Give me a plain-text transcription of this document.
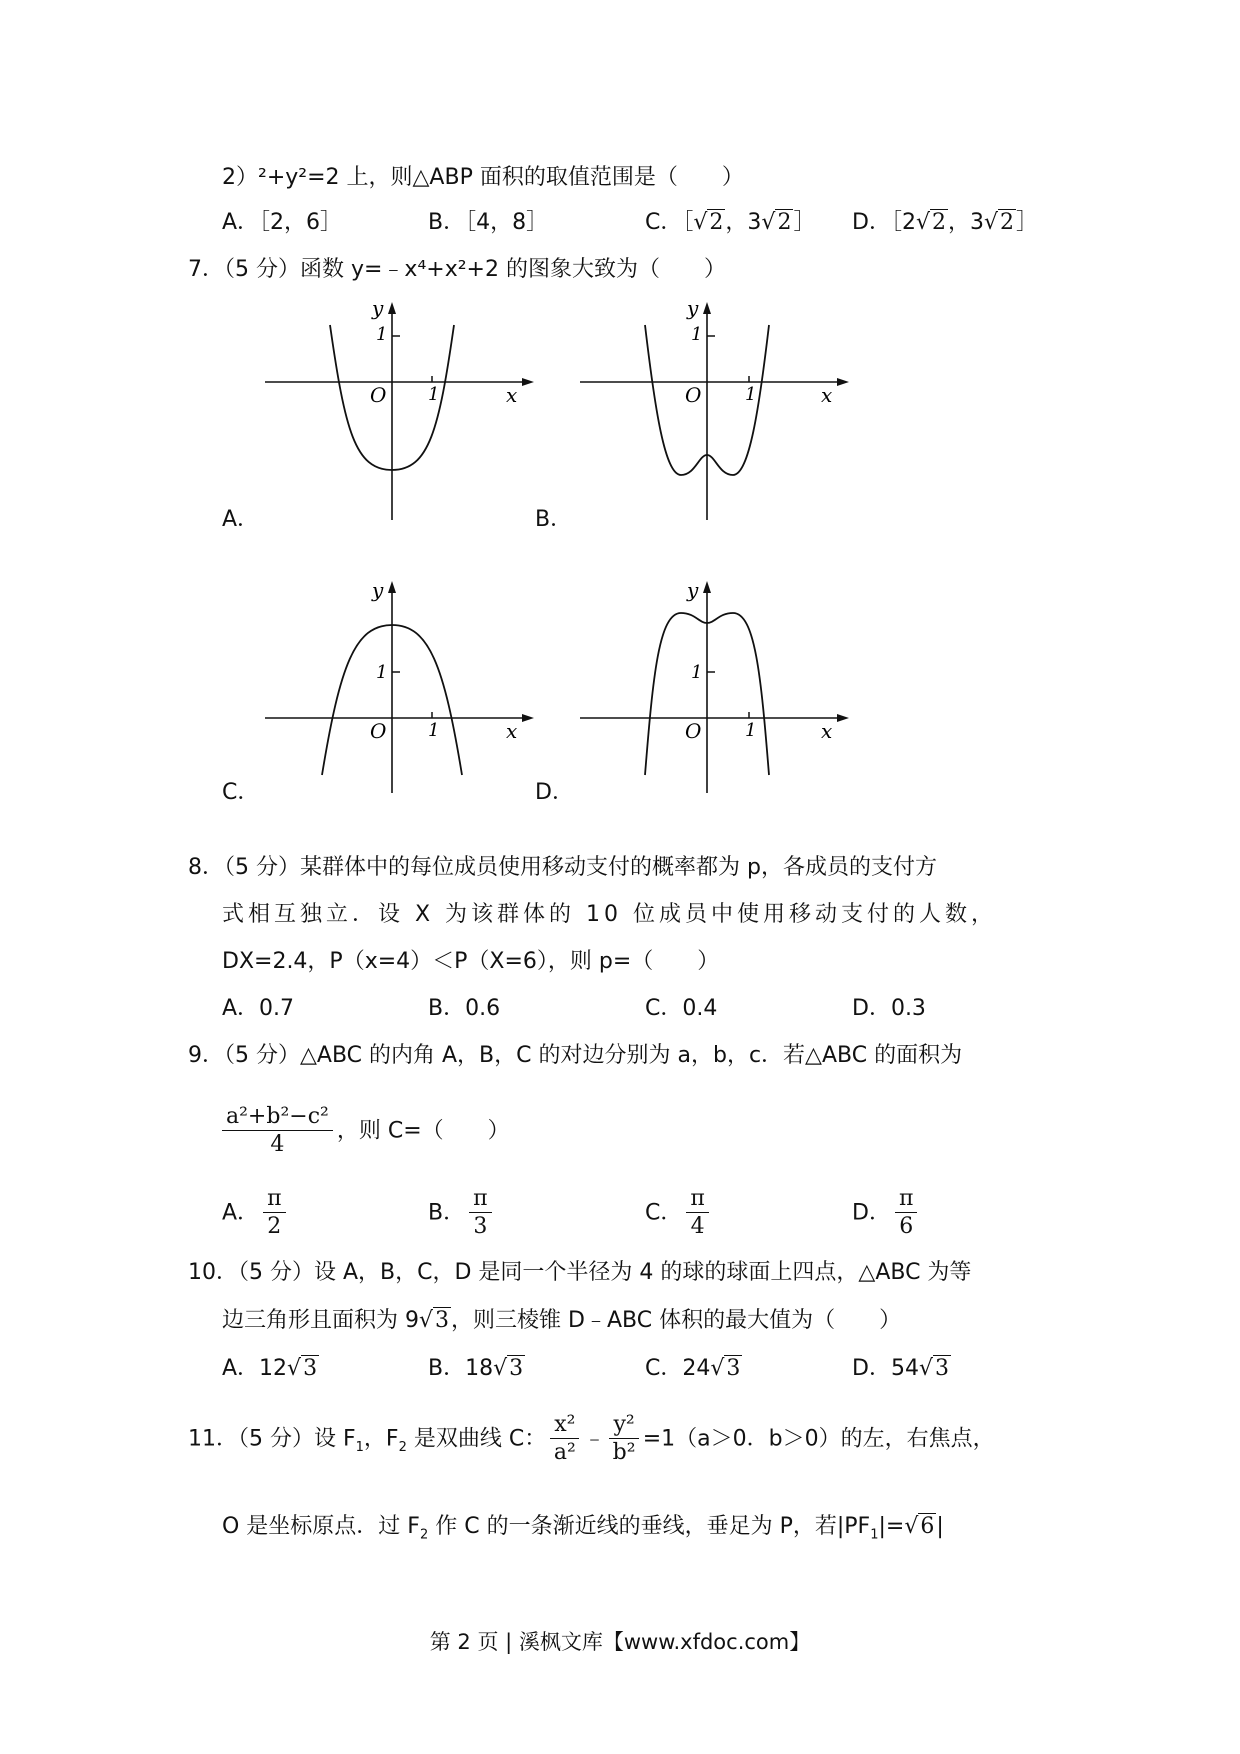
2）²+y²=2 上，则△ABP 面积的取值范围是（　　）
A．［2，6］	B．［4，8］	C．［√2，3√2］ D．［2√2，3√2］
7．（5 分）函数 y=﹣x⁴+x²+2 的图象大致为（　　）
y
1
O 1	x
A．
y
1
O 1	x
B．
y
1
O 1	x
C．
y
1
O 1	x
D．
8．（5 分）某群体中的每位成员使用移动支付的概率都为 p，各成员的支付方
式相互独立．设 X 为该群体的 10 位成员中使用移动支付的人数，
DX=2.4，P（x=4）＜P（X=6），则 p=（　　）
A．0.7	B．0.6	C．0.4	D．0.3
9．（5 分）△ABC 的内角 A，B，C 的对边分别为 a，b，c．若△ABC 的面积为
$\frac{\text{a²+b²−c²}}{4}$ ，则 C=（　　）
A． $\frac{\pi}{2}$	B． $\frac{\pi}{3}$	C． $\frac{\pi}{4}$	D． $\frac{\pi}{6}$
10．（5 分）设 A，B，C，D 是同一个半径为 4 的球的球面上四点，△ABC 为等
边三角形且面积为 9√3，则三棱锥 D﹣ABC 体积的最大值为（　　）
A．12√3	B．18√3	C．24√3	D．54√3
11．（5 分）设 $F_1$，$F_2$ 是双曲线 C： $\frac{\text{x²}}{\text{a²}}$ ﹣ $\frac{\text{y²}}{\text{b²}} =1(a>0$．b＞0）的左，右焦点，
O 是坐标原点．过 $F_2$ 作 C 的一条渐近线的垂线，垂足为 P，若$|PF_1|=√6|$
第 2 页 | 溪枫文库【www.xfdoc.com】
